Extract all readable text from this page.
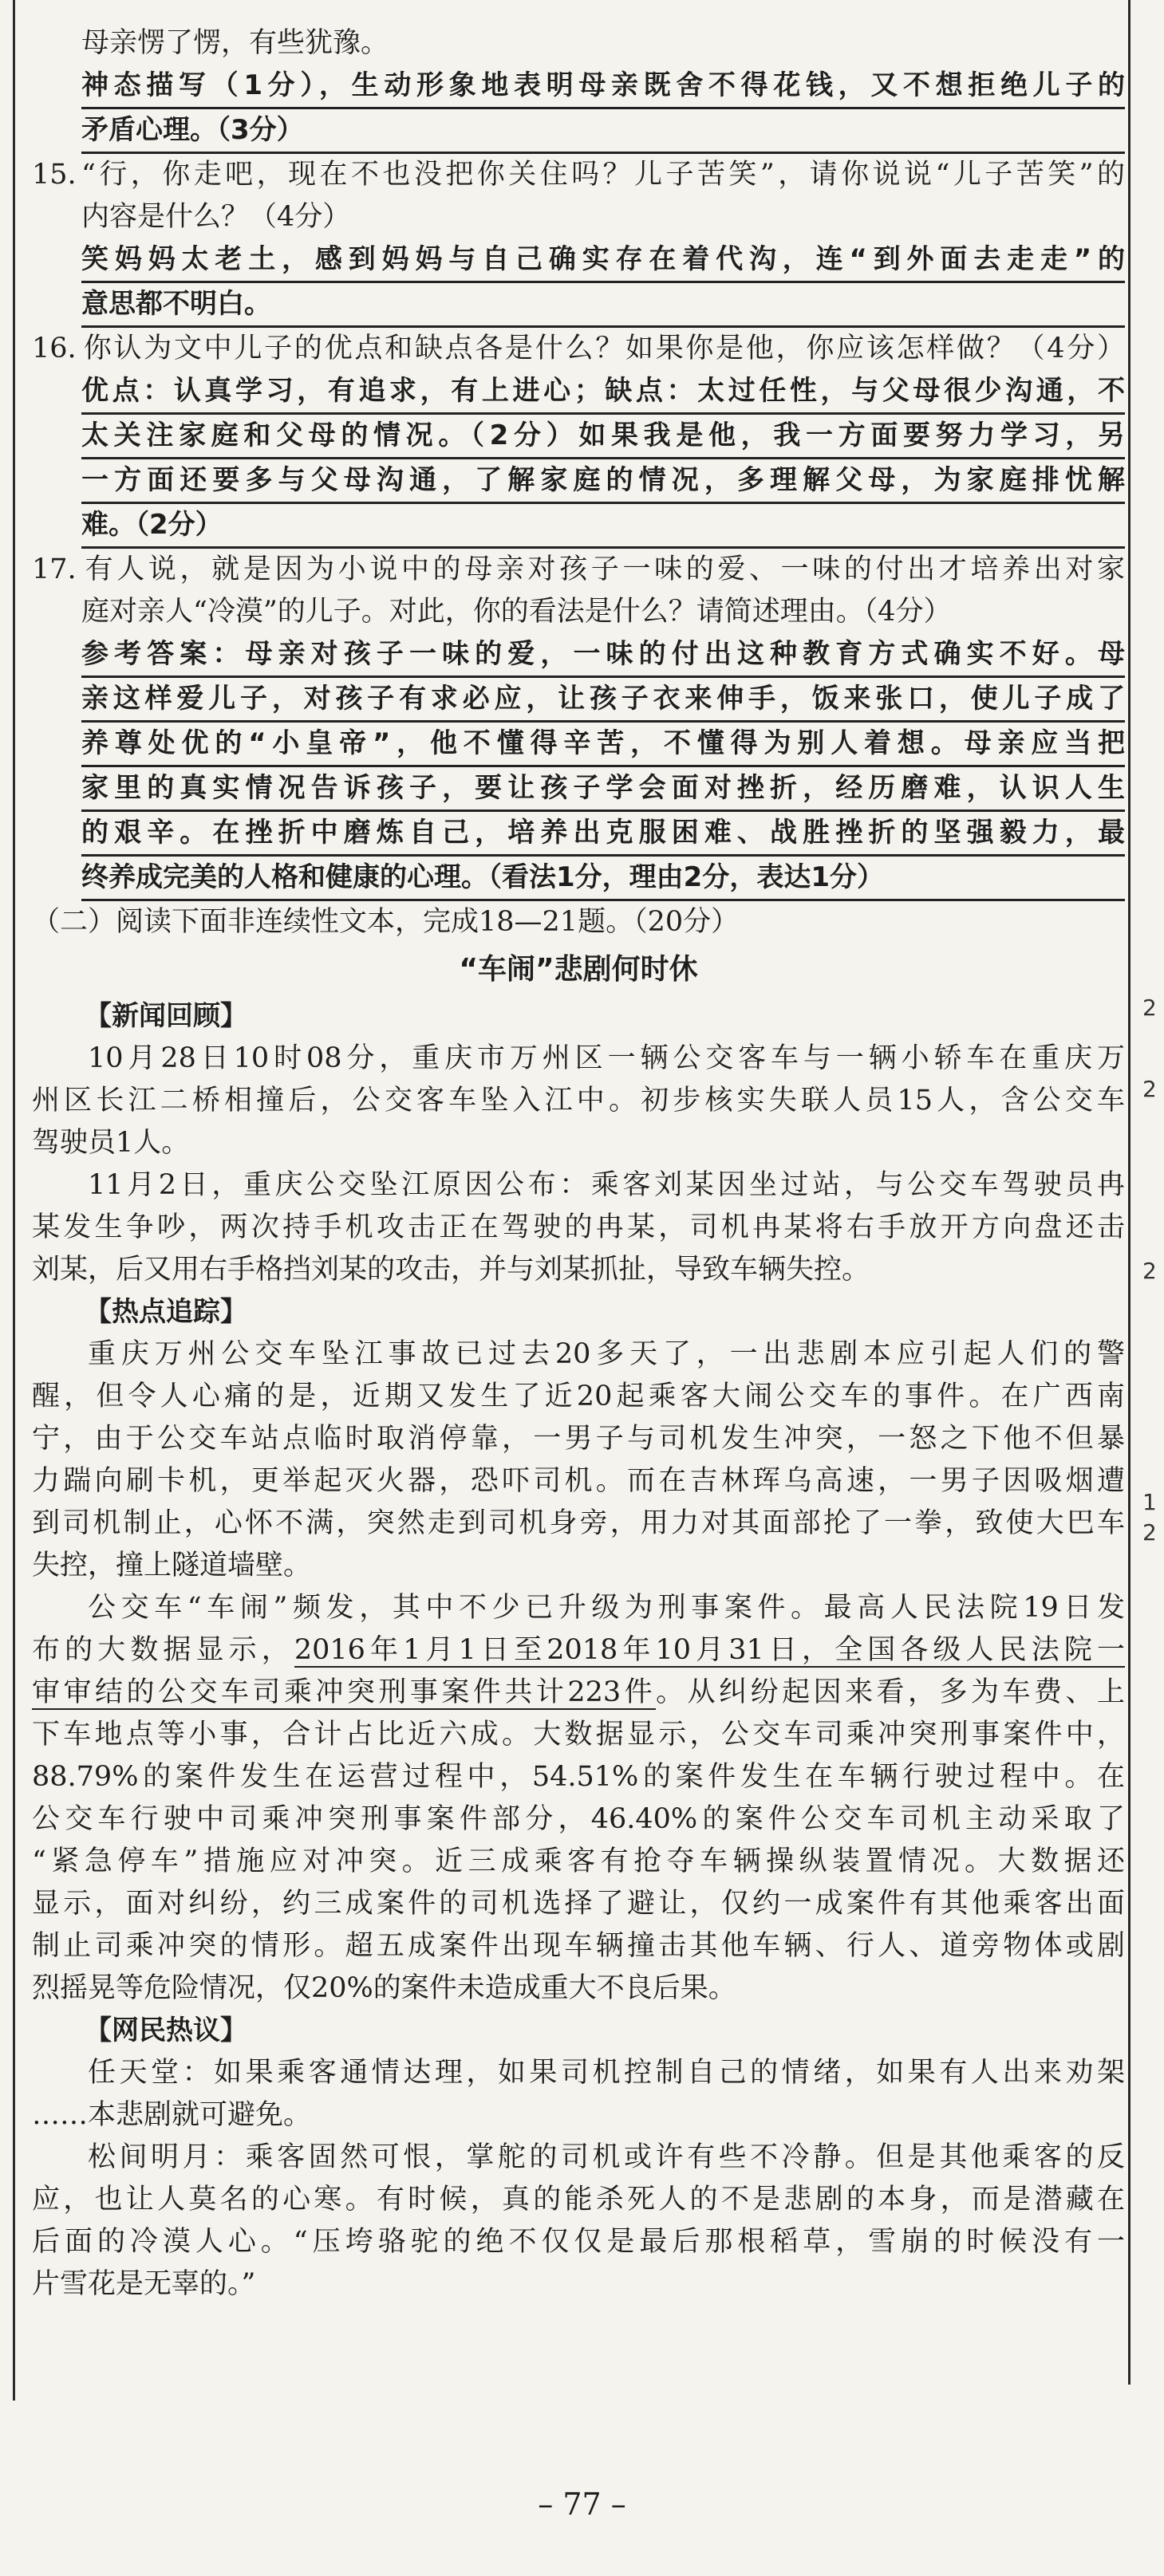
2
2
2
1
2
母亲愣了愣，有些犹豫。
神态描写（1分），生动形象地表明母亲既舍不得花钱，又不想拒绝儿子的
矛盾心理。（3分）
15. “行，你走吧，现在不也没把你关住吗？儿子苦笑”，请你说说“儿子苦笑”的
内容是什么？（4分）
笑妈妈太老土，感到妈妈与自己确实存在着代沟，连“到外面去走走”的
意思都不明白。
16. 你认为文中儿子的优点和缺点各是什么？如果你是他，你应该怎样做？（4分）
优点：认真学习，有追求，有上进心；缺点：太过任性，与父母很少沟通，不
太关注家庭和父母的情况。（2分）如果我是他，我一方面要努力学习，另
一方面还要多与父母沟通，了解家庭的情况，多理解父母，为家庭排忧解
难。（2分）
17. 有人说，就是因为小说中的母亲对孩子一味的爱、一味的付出才培养出对家
庭对亲人“冷漠”的儿子。对此，你的看法是什么？请简述理由。（4分）
参考答案：母亲对孩子一味的爱，一味的付出这种教育方式确实不好。母
亲这样爱儿子，对孩子有求必应，让孩子衣来伸手，饭来张口，使儿子成了
养尊处优的“小皇帝”，他不懂得辛苦，不懂得为别人着想。母亲应当把
家里的真实情况告诉孩子，要让孩子学会面对挫折，经历磨难，认识人生
的艰辛。在挫折中磨炼自己，培养出克服困难、战胜挫折的坚强毅力，最
终养成完美的人格和健康的心理。（看法1分，理由2分，表达1分）
（二）阅读下面非连续性文本，完成18—21题。（20分）
“车闹”悲剧何时休
【新闻回顾】
10月28日10时08分，重庆市万州区一辆公交客车与一辆小轿车在重庆万
州区长江二桥相撞后，公交客车坠入江中。初步核实失联人员15人，含公交车
驾驶员1人。
11月2日，重庆公交坠江原因公布：乘客刘某因坐过站，与公交车驾驶员冉
某发生争吵，两次持手机攻击正在驾驶的冉某，司机冉某将右手放开方向盘还击
刘某，后又用右手格挡刘某的攻击，并与刘某抓扯，导致车辆失控。
【热点追踪】
重庆万州公交车坠江事故已过去20多天了，一出悲剧本应引起人们的警
醒，但令人心痛的是，近期又发生了近20起乘客大闹公交车的事件。在广西南
宁，由于公交车站点临时取消停靠，一男子与司机发生冲突，一怒之下他不但暴
力踹向刷卡机，更举起灭火器，恐吓司机。而在吉林珲乌高速，一男子因吸烟遭
到司机制止，心怀不满，突然走到司机身旁，用力对其面部抡了一拳，致使大巴车
失控，撞上隧道墙壁。
公交车“车闹”频发，其中不少已升级为刑事案件。最高人民法院19日发
布的大数据显示，2016年1月1日至2018年10月31日，全国各级人民法院一
审审结的公交车司乘冲突刑事案件共计223件。从纠纷起因来看，多为车费、上
下车地点等小事，合计占比近六成。大数据显示，公交车司乘冲突刑事案件中，
88.79%的案件发生在运营过程中，54.51%的案件发生在车辆行驶过程中。在
公交车行驶中司乘冲突刑事案件部分，46.40%的案件公交车司机主动采取了
“紧急停车”措施应对冲突。近三成乘客有抢夺车辆操纵装置情况。大数据还
显示，面对纠纷，约三成案件的司机选择了避让，仅约一成案件有其他乘客出面
制止司乘冲突的情形。超五成案件出现车辆撞击其他车辆、行人、道旁物体或剧
烈摇晃等危险情况，仅20%的案件未造成重大不良后果。
【网民热议】
任天堂：如果乘客通情达理，如果司机控制自己的情绪，如果有人出来劝架
……本悲剧就可避免。
松间明月：乘客固然可恨，掌舵的司机或许有些不冷静。但是其他乘客的反
应，也让人莫名的心寒。有时候，真的能杀死人的不是悲剧的本身，而是潜藏在
后面的冷漠人心。“压垮骆驼的绝不仅仅是最后那根稻草，雪崩的时候没有一
片雪花是无辜的。”
– 77 –
